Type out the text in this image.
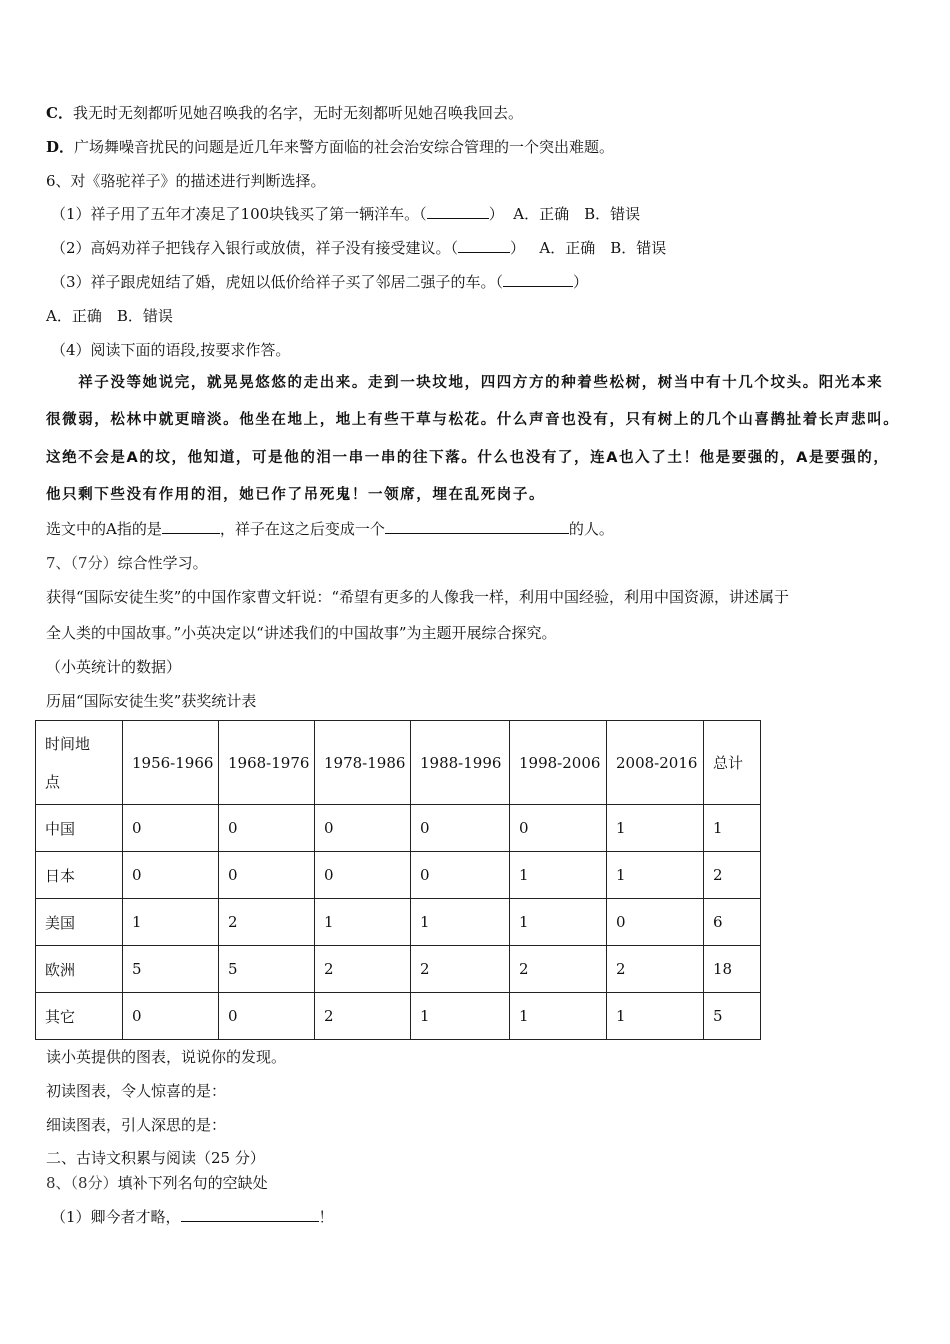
C．我无时无刻都听见她召唤我的名字，无时无刻都听见她召唤我回去。
D．广场舞噪音扰民的问题是近几年来警方面临的社会治安综合管理的一个突出难题。
6、对《骆驼祥子》的描述进行判断选择。
（1）祥子用了五年才凑足了100块钱买了第一辆洋车。（	） A．正确　B．错误
（2）高妈劝祥子把钱存入银行或放债，祥子没有接受建议。（	） A．正确　B．错误
（3）祥子跟虎妞结了婚，虎妞以低价给祥子买了邻居二强子的车。（	）
A．正确　B．错误
（4）阅读下面的语段,按要求作答。
　　祥子没等她说完，就晃晃悠悠的走出来。走到一块坟地，四四方方的种着些松树，树当中有十几个坟头。阳光本来
很微弱，松林中就更暗淡。他坐在地上，地上有些干草与松花。什么声音也没有，只有树上的几个山喜鹊扯着长声悲叫。
这绝不会是A的坟，他知道，可是他的泪一串一串的往下落。什么也没有了，连A也入了土！他是要强的，A是要强的，
他只剩下些没有作用的泪，她已作了吊死鬼！一领席，埋在乱死岗子。
选文中的A指的是	，祥子在这之后变成一个	的人。
7、（7分）综合性学习。
获得“国际安徒生奖”的中国作家曹文轩说：“希望有更多的人像我一样，利用中国经验，利用中国资源，讲述属于
全人类的中国故事。”小英决定以“讲述我们的中国故事”为主题开展综合探究。
（小英统计的数据）
历届“国际安徒生奖”获奖统计表
时间地
点	1956-1966	1968-1976	1978-1986	1988-1996	1998-2006	2008-2016	总计
中国	0	0	0	0	0	1	1
日本	0	0	0	0	1	1	2
美国	1	2	1	1	1	0	6
欧洲	5	5	2	2	2	2	18
其它	0	0	2	1	1	1	5
读小英提供的图表，说说你的发现。
初读图表，令人惊喜的是：
细读图表，引人深思的是：
二、古诗文积累与阅读（25 分）
8、（8分）填补下列名句的空缺处
（1）卿今者才略，	！
